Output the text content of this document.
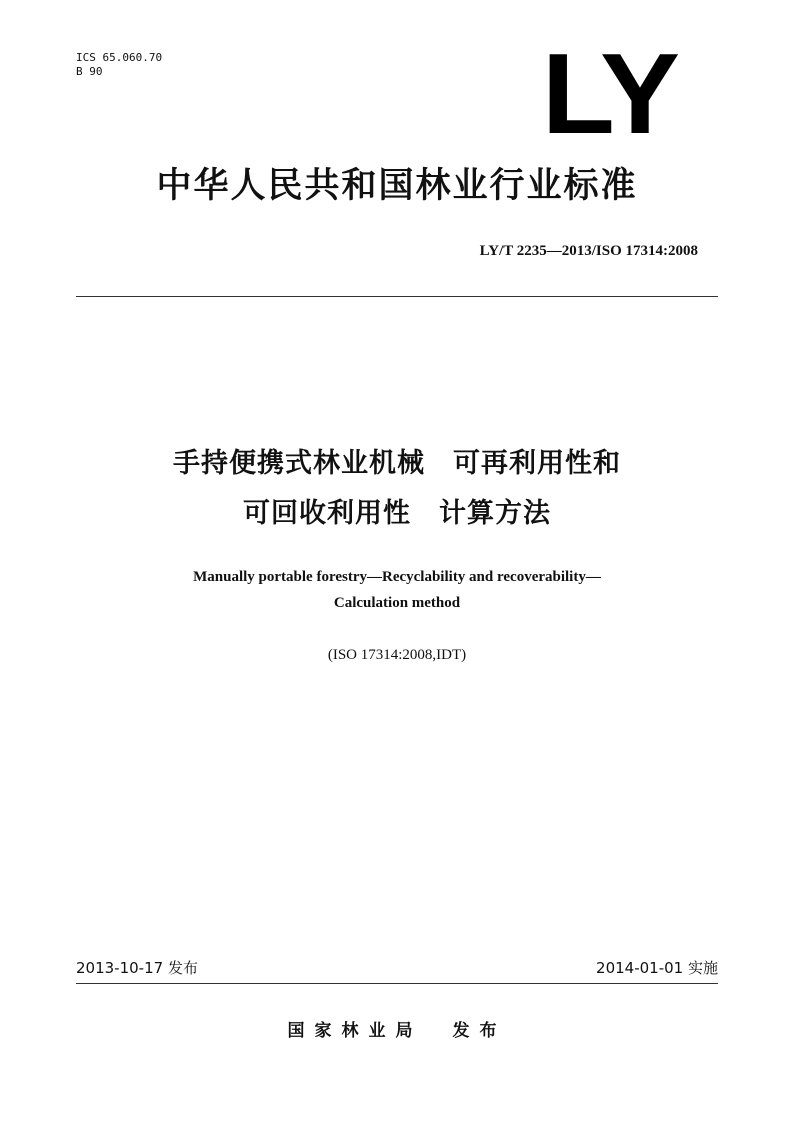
ICS 65.060.70
B 90	LY
中华人民共和国林业行业标准
LY/T 2235—2013/ISO 17314:2008
手持便携式林业机械　可再利用性和
可回收利用性　计算方法
Manually portable forestry—Recyclability and recoverability—
Calculation method
(ISO 17314:2008,IDT)
2013-10-17 发布	2014-01-01 实施
国家林业局 发布
